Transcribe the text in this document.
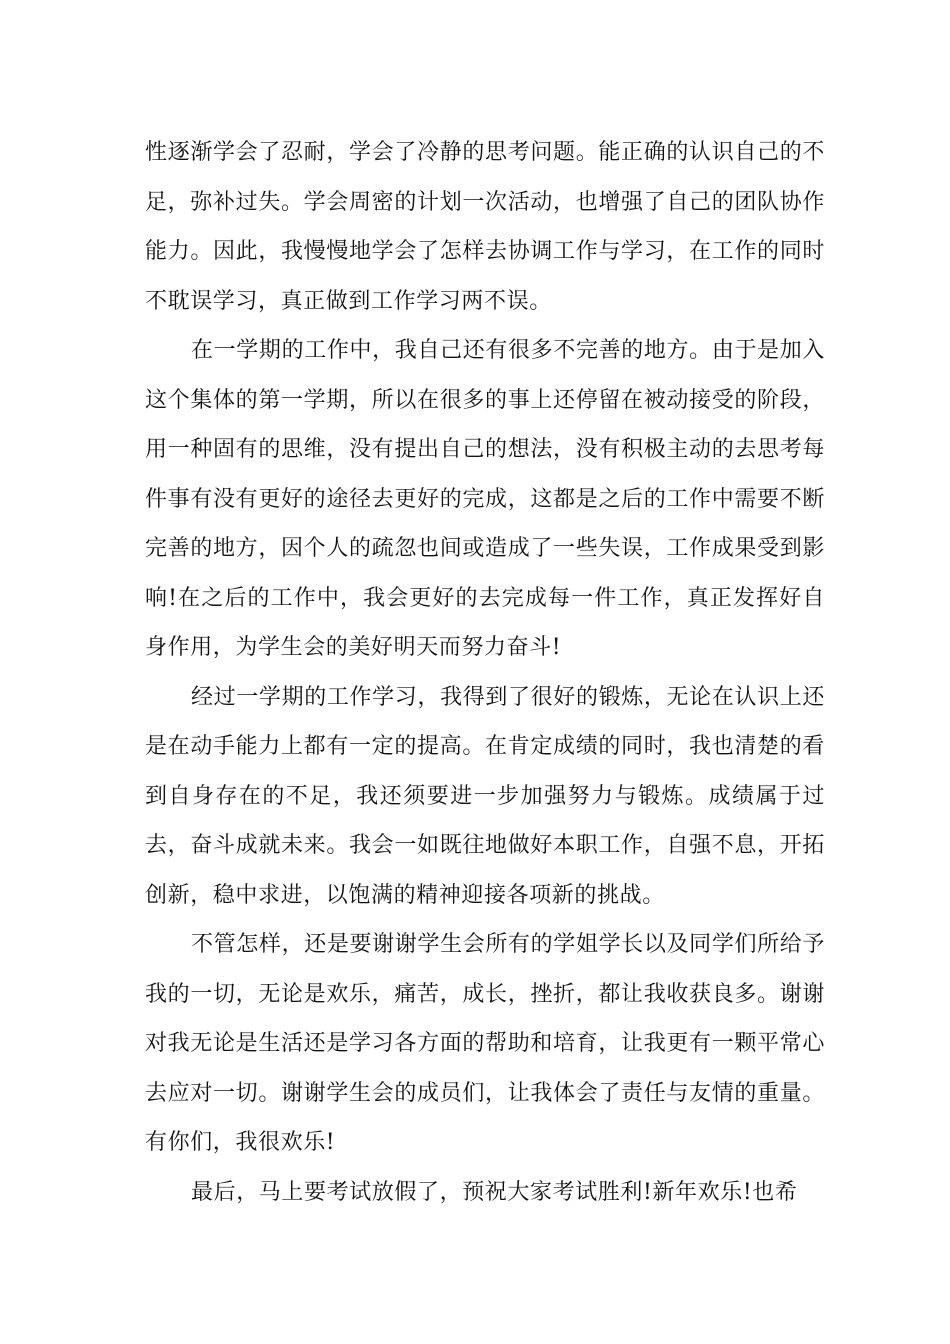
性逐渐学会了忍耐，学会了冷静的思考问题。能正确的认识自己的不足，弥补过失。学会周密的计划一次活动，也增强了自己的团队协作能力。因此，我慢慢地学会了怎样去协调工作与学习，在工作的同时不耽误学习，真正做到工作学习两不误。

在一学期的工作中，我自己还有很多不完善的地方。由于是加入这个集体的第一学期，所以在很多的事上还停留在被动接受的阶段，用一种固有的思维，没有提出自己的想法，没有积极主动的去思考每件事有没有更好的途径去更好的完成，这都是之后的工作中需要不断完善的地方，因个人的疏忽也间或造成了一些失误，工作成果受到影响!在之后的工作中，我会更好的去完成每一件工作，真正发挥好自身作用，为学生会的美好明天而努力奋斗!

经过一学期的工作学习，我得到了很好的锻炼，无论在认识上还是在动手能力上都有一定的提高。在肯定成绩的同时，我也清楚的看到自身存在的不足，我还须要进一步加强努力与锻炼。成绩属于过去，奋斗成就未来。我会一如既往地做好本职工作，自强不息，开拓创新，稳中求进，以饱满的精神迎接各项新的挑战。

不管怎样，还是要谢谢学生会所有的学姐学长以及同学们所给予我的一切，无论是欢乐，痛苦，成长，挫折，都让我收获良多。谢谢对我无论是生活还是学习各方面的帮助和培育，让我更有一颗平常心去应对一切。谢谢学生会的成员们，让我体会了责任与友情的重量。有你们，我很欢乐!

最后，马上要考试放假了，预祝大家考试胜利!新年欢乐!也希
